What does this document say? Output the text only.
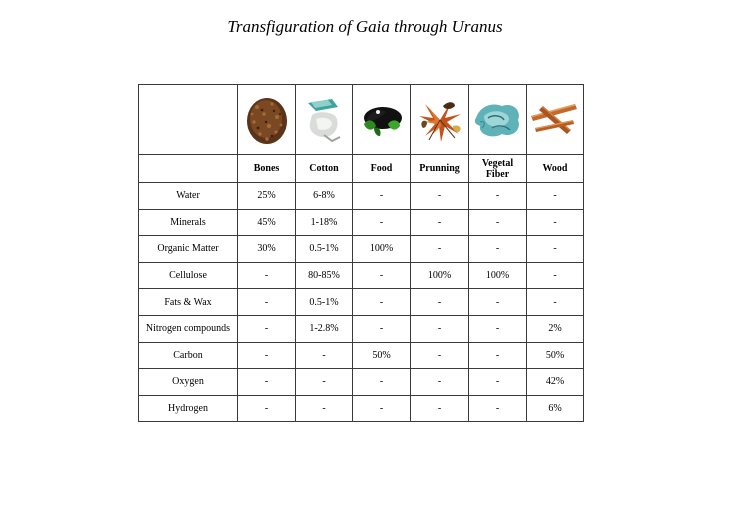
Transfiguration of Gaia through Uranus

	Bones	Cotton	Food	Prunning	Vegetal Fiber	Wood
Water	25%	6-8%	-	-	-	-
Minerals	45%	1-18%	-	-	-	-
Organic Matter	30%	0.5-1%	100%	-	-	-
Cellulose	-	80-85%	-	100%	100%	-
Fats & Wax	-	0.5-1%	-	-	-	-
Nitrogen compounds	-	1-2.8%	-	-	-	2%
Carbon	-	-	50%	-	-	50%
Oxygen	-	-	-	-	-	42%
Hydrogen	-	-	-	-	-	6%
